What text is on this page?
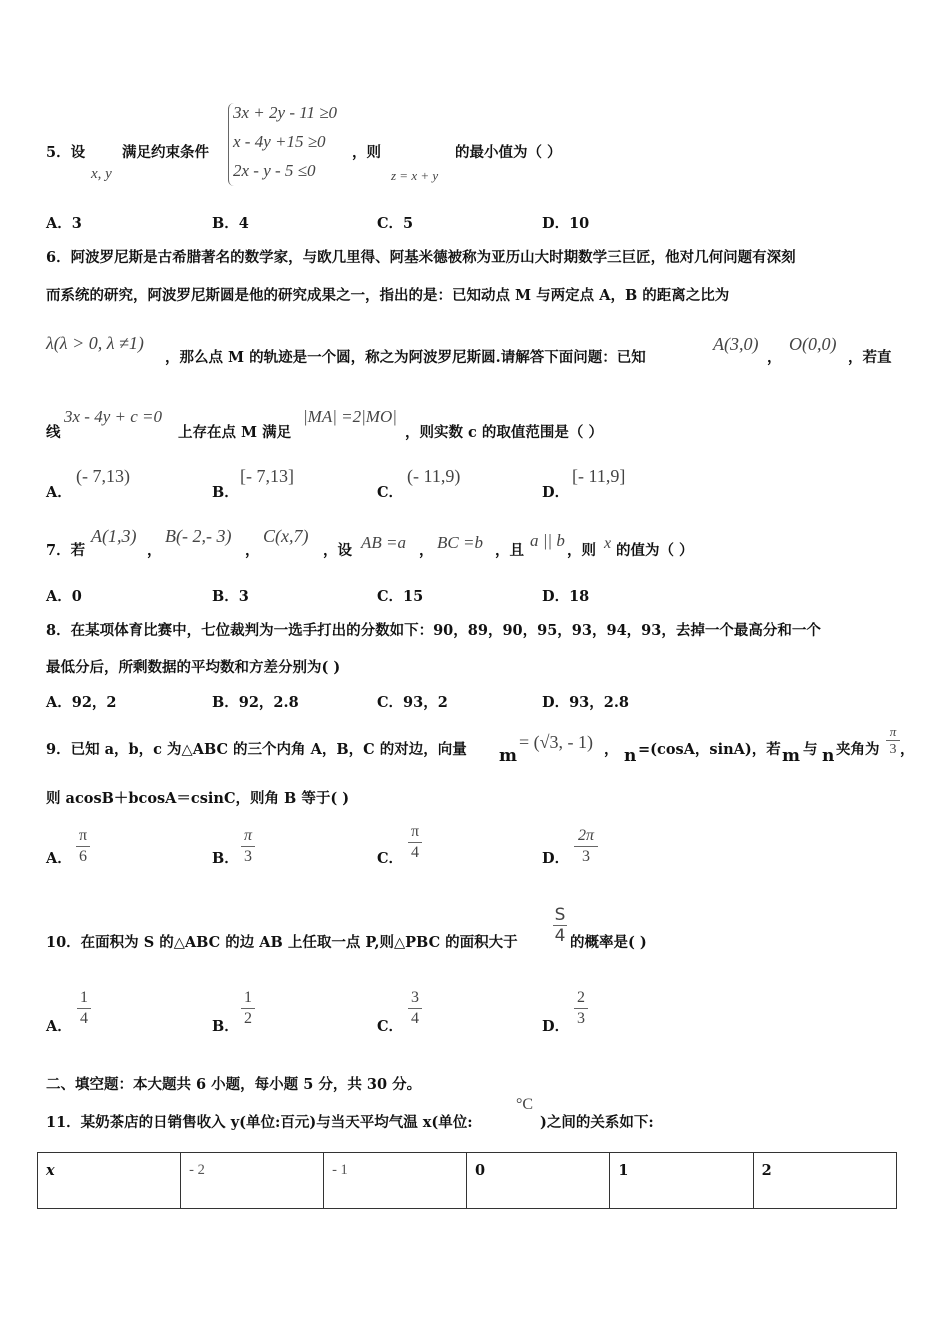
5．设
x, y
满足约束条件
3x + 2y - 11 ≥0
x - 4y +15 ≥0
2x - y - 5 ≤0
，则
z = x + y
的最小值为（ ）
A．3	B．4	C．5	D．10
6．阿波罗尼斯是古希腊著名的数学家，与欧几里得、阿基米德被称为亚历山大时期数学三巨匠，他对几何问题有深刻
而系统的研究，阿波罗尼斯圆是他的研究成果之一，指出的是：已知动点 M 与两定点 A，B 的距离之比为
λ(λ > 0, λ ≠1)
，那么点 M 的轨迹是一个圆，称之为阿波罗尼斯圆.请解答下面问题：已知
A(3,0)
，
O(0,0)
，若直
线
3x - 4y + c =0
上存在点 M 满足
|MA| =2|MO|
，则实数 c 的取值范围是（ ）
A．
(- 7,13)
B．
[- 7,13]
C．
(- 11,9)
D．
[- 11,9]
7．若
A(1,3)
，
B(- 2,- 3)
，
C(x,7)
，设 AB =a ， BC =b ，且
a || b
，则 x 的值为（ ）
A．0	B．3	C．15	D．18
8．在某项体育比赛中，七位裁判为一选手打出的分数如下：90，89，90，95，93，94，93，去掉一个最高分和一个
最低分后，所剩数据的平均数和方差分别为( )
A．92，2	B．92，2.8	C．93，2	D．93，2.8
9．已知 a，b，c 为△ABC 的三个内角 A，B，C 的对边，向量 m
= (√3, - 1) ， n =(cosA，sinA)，若 m 与 n 夹角为
π
3 ，
则 acosB＋bcosA＝csinC，则角 B 等于( )
A．
π
6	B．
π
3	C．
π
4	D．
2π
3
10．在面积为 S 的△ABC 的边 AB 上任取一点 P,则△PBC 的面积大于
S
4 的概率是( )
A．
1
4	B．
1
2	C．
3
4	D．
2
3
二、填空题：本大题共 6 小题，每小题 5 分，共 30 分。
11．某奶茶店的日销售收入 y(单位:百元)与当天平均气温 x(单位:
°C
)之间的关系如下:
x	- 2	- 1	0	1	2
